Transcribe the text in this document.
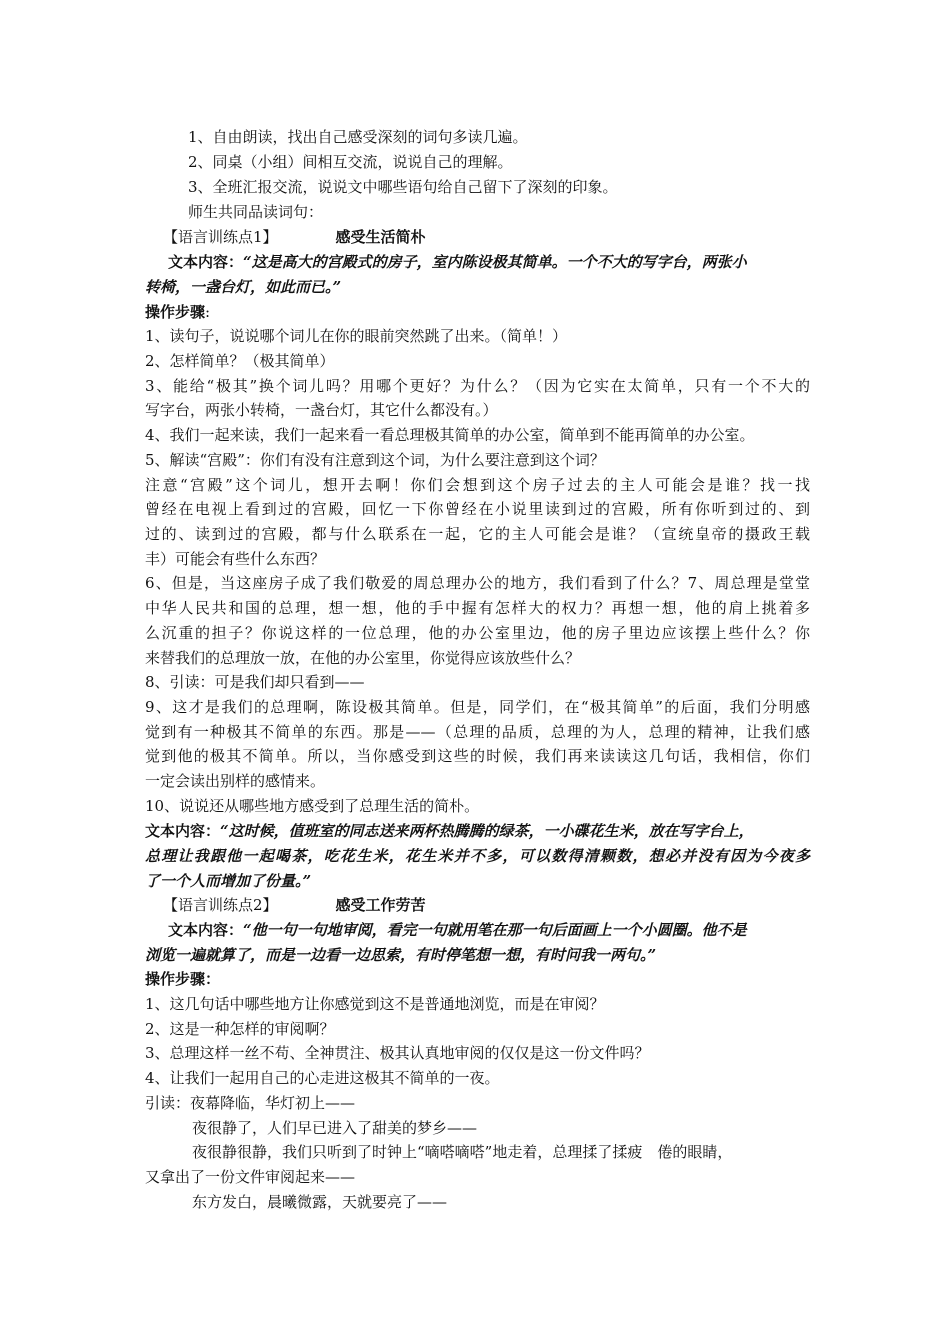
1、自由朗读，找出自己感受深刻的词句多读几遍。
2、同桌（小组）间相互交流，说说自己的理解。
3、全班汇报交流，说说文中哪些语句给自己留下了深刻的印象。
师生共同品读词句：
【语言训练点1】	感受生活简朴
文本内容：“这是高大的宫殿式的房子，室内陈设极其简单。一个不大的写字台，两张小
转椅，一盏台灯，如此而已。”
操作步骤:
1、读句子，说说哪个词儿在你的眼前突然跳了出来。（简单！）
2、怎样简单？（极其简单）
3、能给“极其”换个词儿吗？用哪个更好？为什么？（因为它实在太简单，只有一个不大的
写字台，两张小转椅，一盏台灯，其它什么都没有。）
4、我们一起来读，我们一起来看一看总理极其简单的办公室，简单到不能再简单的办公室。
5、解读“宫殿”：你们有没有注意到这个词，为什么要注意到这个词？
注意“宫殿”这个词儿，想开去啊！你们会想到这个房子过去的主人可能会是谁？找一找
曾经在电视上看到过的宫殿，回忆一下你曾经在小说里读到过的宫殿，所有你听到过的、到
过的、读到过的宫殿，都与什么联系在一起，它的主人可能会是谁？（宣统皇帝的摄政王载
丰）可能会有些什么东西？
6、但是，当这座房子成了我们敬爱的周总理办公的地方，我们看到了什么？7、周总理是堂堂
中华人民共和国的总理，想一想，他的手中握有怎样大的权力？再想一想，他的肩上挑着多
么沉重的担子？你说这样的一位总理，他的办公室里边，他的房子里边应该摆上些什么？你
来替我们的总理放一放，在他的办公室里，你觉得应该放些什么？
8、引读：可是我们却只看到——
9、这才是我们的总理啊，陈设极其简单。但是，同学们，在“极其简单”的后面，我们分明感
觉到有一种极其不简单的东西。那是——（总理的品质，总理的为人，总理的精神，让我们感
觉到他的极其不简单。所以，当你感受到这些的时候，我们再来读读这几句话，我相信，你们
一定会读出别样的感情来。
10、说说还从哪些地方感受到了总理生活的简朴。
文本内容：“这时候，值班室的同志送来两杯热腾腾的绿茶，一小碟花生米，放在写字台上，
总理让我跟他一起喝茶，吃花生米，花生米并不多，可以数得清颗数，想必并没有因为今夜多
了一个人而增加了份量。”
【语言训练点2】	感受工作劳苦
文本内容：“他一句一句地审阅，看完一句就用笔在那一句后面画上一个小圆圈。他不是
浏览一遍就算了，而是一边看一边思索，有时停笔想一想，有时问我一两句。”
操作步骤：
1、这几句话中哪些地方让你感觉到这不是普通地浏览，而是在审阅？
2、这是一种怎样的审阅啊？
3、总理这样一丝不苟、全神贯注、极其认真地审阅的仅仅是这一份文件吗？
4、让我们一起用自己的心走进这极其不简单的一夜。
引读：夜幕降临，华灯初上——
夜很静了，人们早已进入了甜美的梦乡——
夜很静很静，我们只听到了时钟上“嘀嗒嘀嗒”地走着，总理揉了揉疲　倦的眼睛，
又拿出了一份文件审阅起来——
东方发白，晨曦微露，天就要亮了——
